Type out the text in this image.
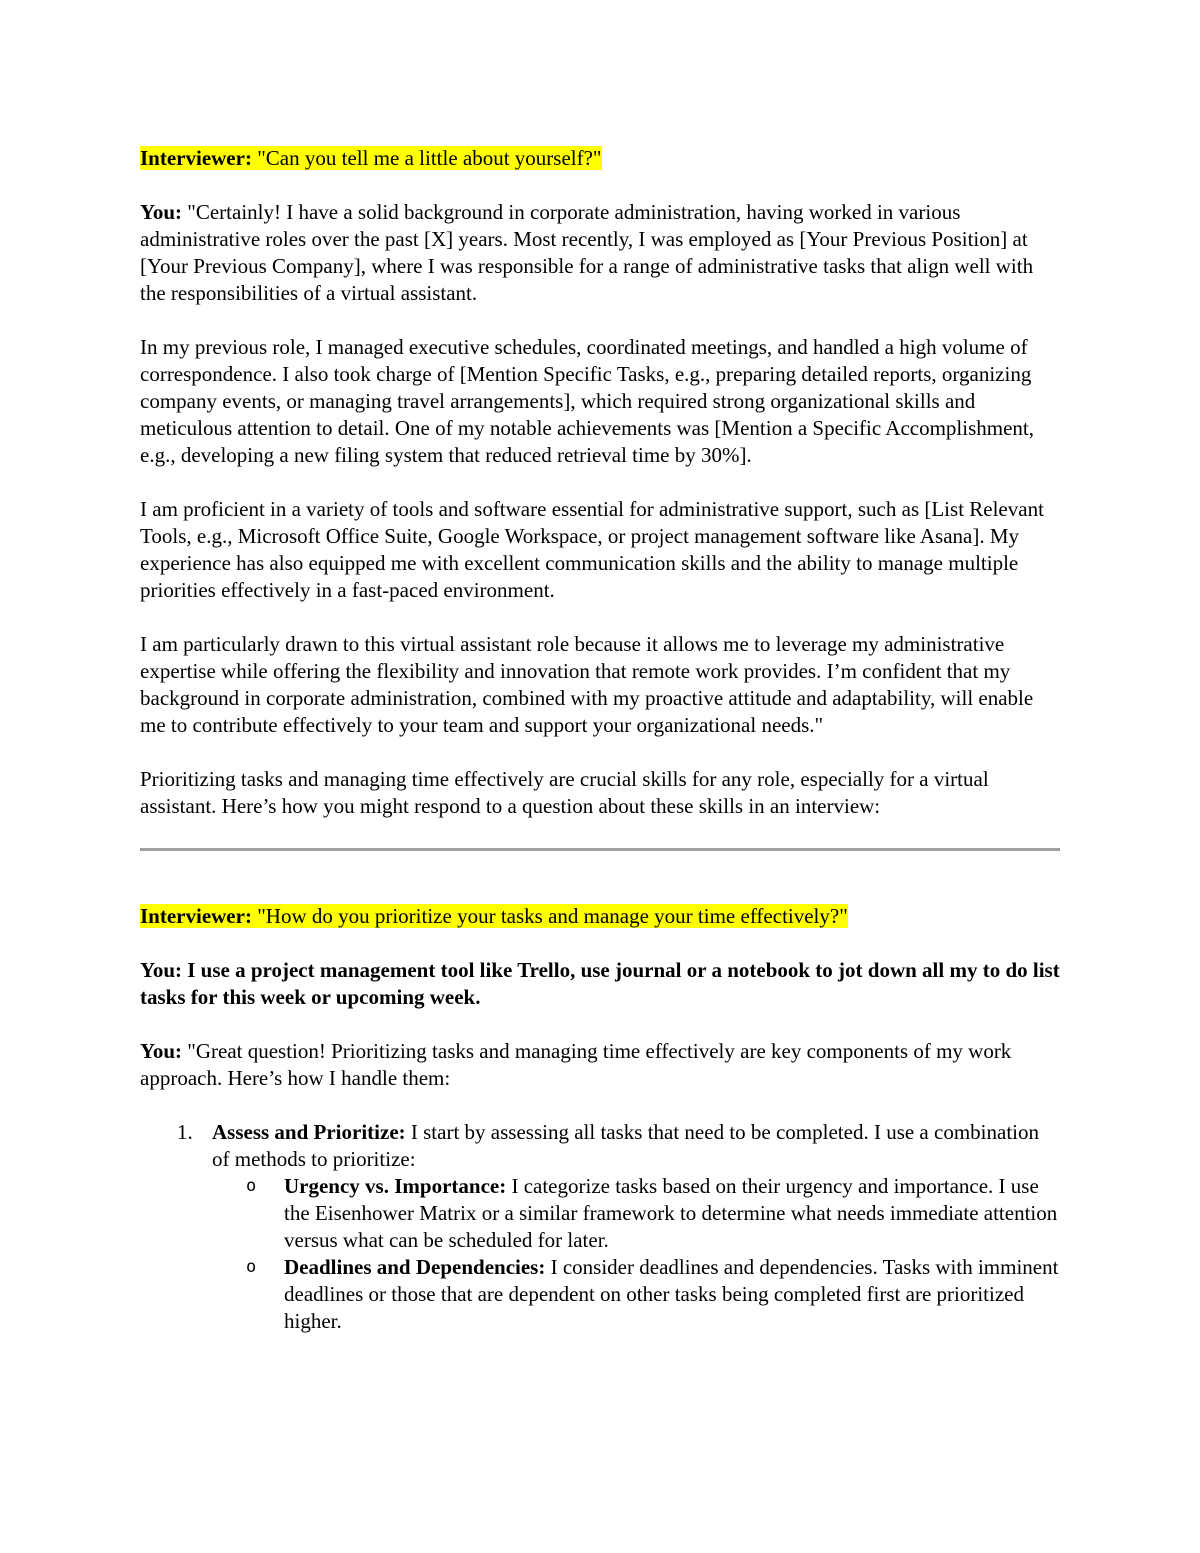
Interviewer: "Can you tell me a little about yourself?"

You: "Certainly! I have a solid background in corporate administration, having worked in various administrative roles over the past [X] years. Most recently, I was employed as [Your Previous Position] at [Your Previous Company], where I was responsible for a range of administrative tasks that align well with the responsibilities of a virtual assistant.

In my previous role, I managed executive schedules, coordinated meetings, and handled a high volume of correspondence. I also took charge of [Mention Specific Tasks, e.g., preparing detailed reports, organizing company events, or managing travel arrangements], which required strong organizational skills and meticulous attention to detail. One of my notable achievements was [Mention a Specific Accomplishment, e.g., developing a new filing system that reduced retrieval time by 30%].

I am proficient in a variety of tools and software essential for administrative support, such as [List Relevant Tools, e.g., Microsoft Office Suite, Google Workspace, or project management software like Asana]. My experience has also equipped me with excellent communication skills and the ability to manage multiple priorities effectively in a fast-paced environment.

I am particularly drawn to this virtual assistant role because it allows me to leverage my administrative expertise while offering the flexibility and innovation that remote work provides. I’m confident that my background in corporate administration, combined with my proactive attitude and adaptability, will enable me to contribute effectively to your team and support your organizational needs."

Prioritizing tasks and managing time effectively are crucial skills for any role, especially for a virtual assistant. Here’s how you might respond to a question about these skills in an interview:

Interviewer: "How do you prioritize your tasks and manage your time effectively?"

You: I use a project management tool like Trello, use journal or a notebook to jot down all my to do list tasks for this week or upcoming week.

You: "Great question! Prioritizing tasks and managing time effectively are key components of my work approach. Here’s how I handle them:

1. Assess and Prioritize: I start by assessing all tasks that need to be completed. I use a combination of methods to prioritize:
o Urgency vs. Importance: I categorize tasks based on their urgency and importance. I use the Eisenhower Matrix or a similar framework to determine what needs immediate attention versus what can be scheduled for later.
o Deadlines and Dependencies: I consider deadlines and dependencies. Tasks with imminent deadlines or those that are dependent on other tasks being completed first are prioritized higher.
